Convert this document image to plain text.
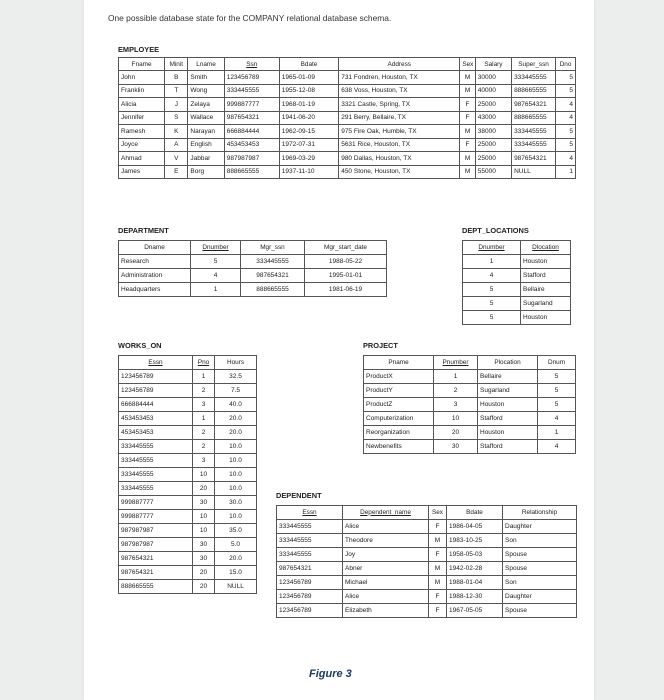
One possible database state for the COMPANY relational database schema.
EMPLOYEE
Fname	Minit	Lname	Ssn	Bdate	Address	Sex	Salary	Super_ssn	Dno
John	B	Smith	123456789	1965-01-09	731 Fondren, Houston, TX	M	30000	333445555	5
Franklin	T	Wong	333445555	1955-12-08	638 Voss, Houston, TX	M	40000	888665555	5
Alicia	J	Zelaya	999887777	1968-01-19	3321 Castle, Spring, TX	F	25000	987654321	4
Jennifer	S	Wallace	987654321	1941-06-20	291 Berry, Bellaire, TX	F	43000	888665555	4
Ramesh	K	Narayan	666884444	1962-09-15	975 Fire Oak, Humble, TX	M	38000	333445555	5
Joyce	A	English	453453453	1972-07-31	5631 Rice, Houston, TX	F	25000	333445555	5
Ahmad	V	Jabbar	987987987	1969-03-29	980 Dallas, Houston, TX	M	25000	987654321	4
James	E	Borg	888665555	1937-11-10	450 Stone, Houston, TX	M	55000	NULL	1
DEPARTMENT
Dname	Dnumber	Mgr_ssn	Mgr_start_date
Research	5	333445555	1988-05-22
Administration	4	987654321	1995-01-01
Headquarters	1	888665555	1981-06-19
DEPT_LOCATIONS
Dnumber	Dlocation
1	Houston
4	Stafford
5	Bellaire
5	Sugarland
5	Houston
WORKS_ON
Essn	Pno	Hours
123456789	1	32.5
123456789	2	7.5
666884444	3	40.0
453453453	1	20.0
453453453	2	20.0
333445555	2	10.0
333445555	3	10.0
333445555	10	10.0
333445555	20	10.0
999887777	30	30.0
999887777	10	10.0
987987987	10	35.0
987987987	30	5.0
987654321	30	20.0
987654321	20	15.0
888665555	20	NULL
PROJECT
Pname	Pnumber	Plocation	Dnum
ProductX	1	Bellaire	5
ProductY	2	Sugarland	5
ProductZ	3	Houston	5
Computerization	10	Stafford	4
Reorganization	20	Houston	1
Newbenefits	30	Stafford	4
DEPENDENT
Essn	Dependent_name	Sex	Bdate	Relationship
333445555	Alice	F	1986-04-05	Daughter
333445555	Theodore	M	1983-10-25	Son
333445555	Joy	F	1958-05-03	Spouse
987654321	Abner	M	1942-02-28	Spouse
123456789	Michael	M	1988-01-04	Son
123456789	Alice	F	1988-12-30	Daughter
123456789	Elizabeth	F	1967-05-05	Spouse
Figure 3
